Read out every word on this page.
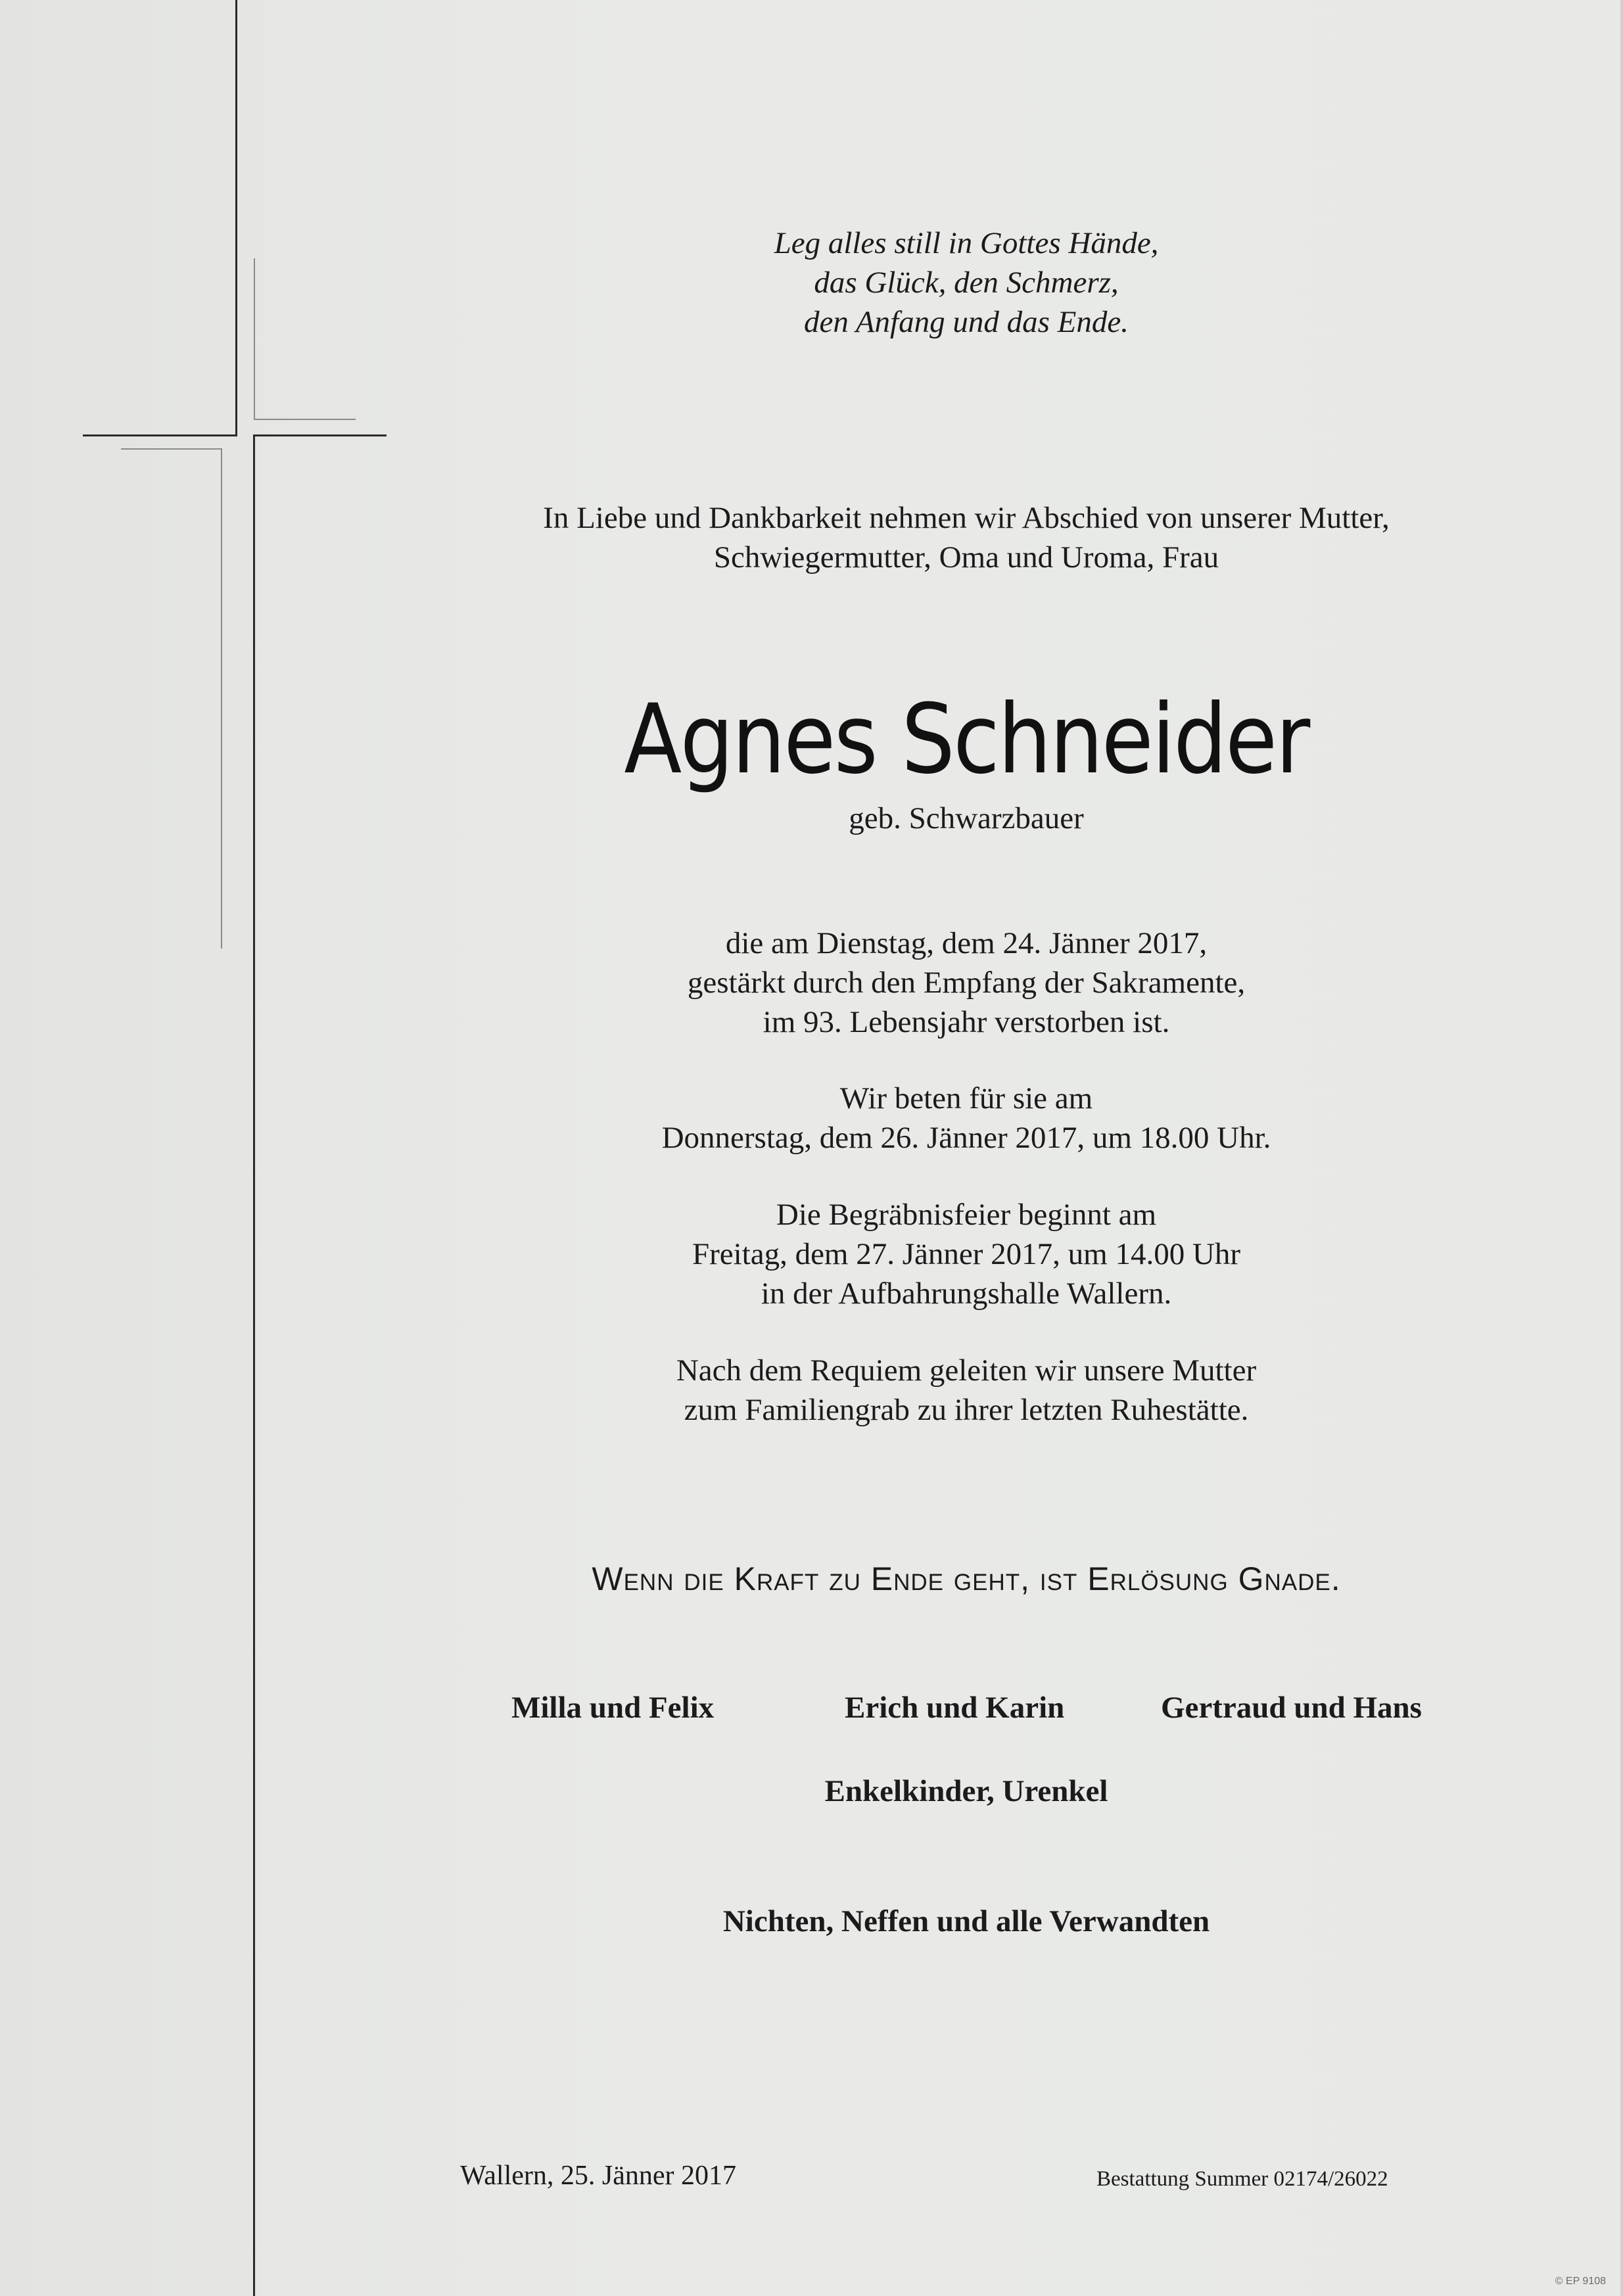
Leg alles still in Gottes Hände,
das Glück, den Schmerz,
den Anfang und das Ende.
In Liebe und Dankbarkeit nehmen wir Abschied von unserer Mutter,
Schwiegermutter, Oma und Uroma, Frau
Agnes Schneider
geb. Schwarzbauer
die am Dienstag, dem 24. Jänner 2017,
gestärkt durch den Empfang der Sakramente,
im 93. Lebensjahr verstorben ist.
Wir beten für sie am
Donnerstag, dem 26. Jänner 2017, um 18.00 Uhr.
Die Begräbnisfeier beginnt am
Freitag, dem 27. Jänner 2017, um 14.00 Uhr
in der Aufbahrungshalle Wallern.
Nach dem Requiem geleiten wir unsere Mutter
zum Familiengrab zu ihrer letzten Ruhestätte.
Wenn die Kraft zu Ende geht, ist Erlösung Gnade.
Milla und Felix	Erich und Karin	Gertraud und Hans
Enkelkinder, Urenkel
Nichten, Neffen und alle Verwandten
Wallern, 25. Jänner 2017	Bestattung Summer 02174/26022
© EP 9108
